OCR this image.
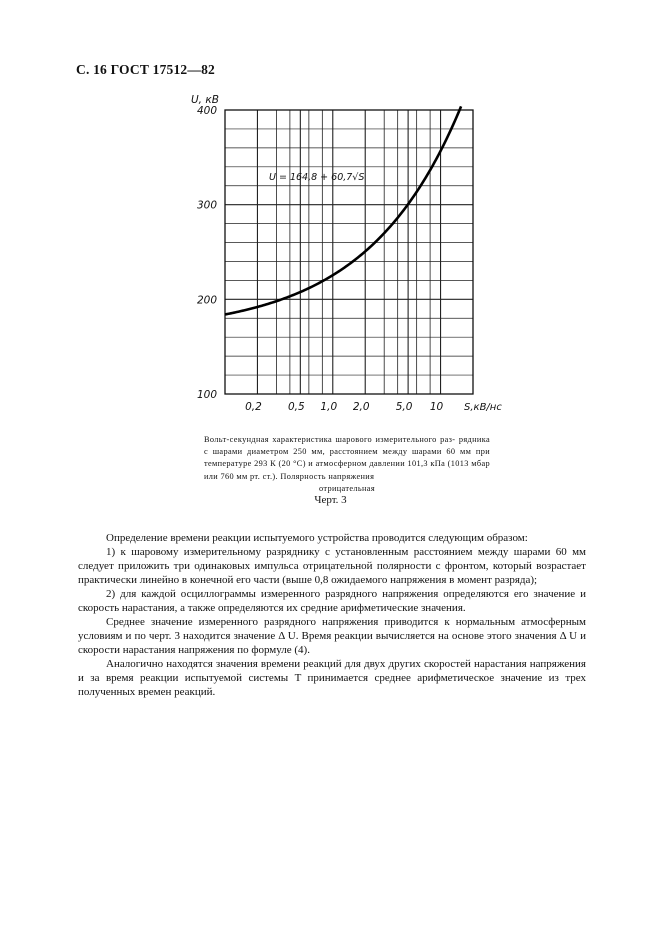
С. 16 ГОСТ 17512—82
0,2 0,5 1,0 2,0 5,0 10
100
200
300
400
U, кВ
S,кВ/нс
U = 164,8 + 60,7√S
Вольт-секундная характеристика шарового измерительного раз- рядника с шарами диаметром 250 мм, расстоянием между шарами 60 мм при температуре 293 К (20 °С) и атмосферном давлении 101,3 кПа (1013 мбар или 760 мм рт. ст.). Полярность напряжения
отрицательная
Черт. 3

Определение времени реакции испытуемого устройства проводится следующим образом:

1) к шаровому измерительному разряднику с установленным расстоянием между шарами 60 мм следует приложить три одинаковых импульса отрицательной полярности с фронтом, который возрастает практически линейно в конечной его части (выше 0,8 ожидаемого напряжения в момент разряда);

2) для каждой осциллограммы измеренного разрядного напряжения определяются его значение и скорость нарастания, а также определяются их средние арифметические значения.

Среднее значение измеренного разрядного напряжения приводится к нормальным атмосферным условиям и по черт. 3 находится значение Δ U. Время реакции вычисляется на основе этого значения Δ U и скорости нарастания напряжения по формуле (4).

Аналогично находятся значения времени реакций для двух других скоростей нарастания напряжения и за время реакции испытуемой системы T принимается среднее арифметическое значение из трех полученных времен реакций.
